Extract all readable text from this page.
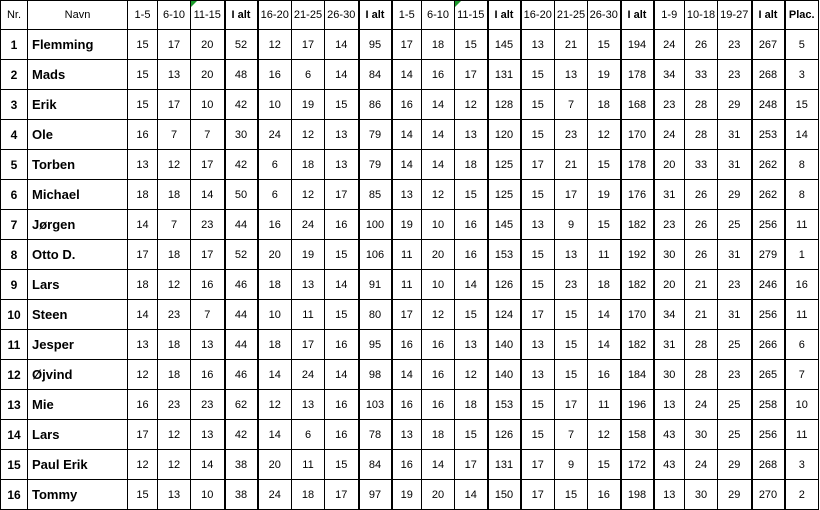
Nr.	Navn	1-5	6-10	11-15	I alt	16-20	21-25	26-30	I alt	1-5	6-10	11-15	I alt	16-20	21-25	26-30	I alt	1-9	10-18	19-27	I alt	Plac.
1	Flemming	15	17	20	52	12	17	14	95	17	18	15	145	13	21	15	194	24	26	23	267	5
2	Mads	15	13	20	48	16	6	14	84	14	16	17	131	15	13	19	178	34	33	23	268	3
3	Erik	15	17	10	42	10	19	15	86	16	14	12	128	15	7	18	168	23	28	29	248	15
4	Ole	16	7	7	30	24	12	13	79	14	14	13	120	15	23	12	170	24	28	31	253	14
5	Torben	13	12	17	42	6	18	13	79	14	14	18	125	17	21	15	178	20	33	31	262	8
6	Michael	18	18	14	50	6	12	17	85	13	12	15	125	15	17	19	176	31	26	29	262	8
7	Jørgen	14	7	23	44	16	24	16	100	19	10	16	145	13	9	15	182	23	26	25	256	11
8	Otto D.	17	18	17	52	20	19	15	106	11	20	16	153	15	13	11	192	30	26	31	279	1
9	Lars	18	12	16	46	18	13	14	91	11	10	14	126	15	23	18	182	20	21	23	246	16
10	Steen	14	23	7	44	10	11	15	80	17	12	15	124	17	15	14	170	34	21	31	256	11
11	Jesper	13	18	13	44	18	17	16	95	16	16	13	140	13	15	14	182	31	28	25	266	6
12	Øjvind	12	18	16	46	14	24	14	98	14	16	12	140	13	15	16	184	30	28	23	265	7
13	Mie	16	23	23	62	12	13	16	103	16	16	18	153	15	17	11	196	13	24	25	258	10
14	Lars	17	12	13	42	14	6	16	78	13	18	15	126	15	7	12	158	43	30	25	256	11
15	Paul Erik	12	12	14	38	20	11	15	84	16	14	17	131	17	9	15	172	43	24	29	268	3
16	Tommy	15	13	10	38	24	18	17	97	19	20	14	150	17	15	16	198	13	30	29	270	2
